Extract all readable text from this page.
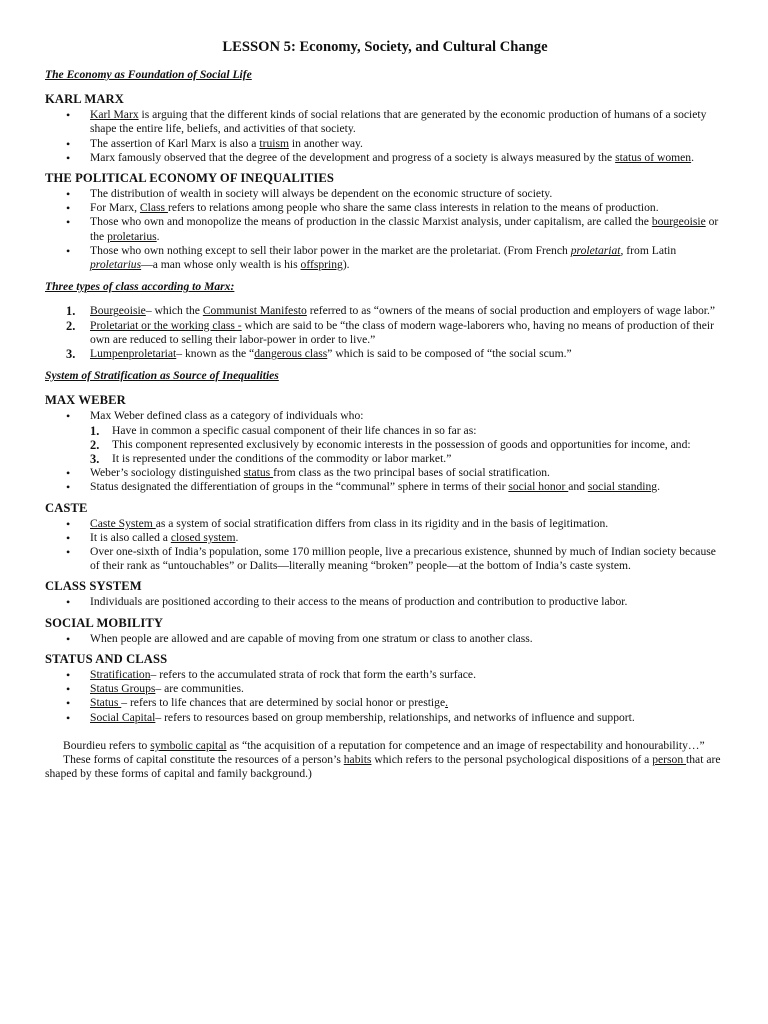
LESSON 5: Economy, Society, and Cultural Change
The Economy as Foundation of Social Life
KARL MARX
• Karl Marx is arguing that the different kinds of social relations that are generated by the economic production of humans of a society shape the entire life, beliefs, and activities of that society.
• The assertion of Karl Marx is also a truism in another way.
• Marx famously observed that the degree of the development and progress of a society is always measured by the status of women.
THE POLITICAL ECONOMY OF INEQUALITIES
• The distribution of wealth in society will always be dependent on the economic structure of society.
• For Marx, Class refers to relations among people who share the same class interests in relation to the means of production.
• Those who own and monopolize the means of production in the classic Marxist analysis, under capitalism, are called the bourgeoisie or the proletarius.
• Those who own nothing except to sell their labor power in the market are the proletariat. (From French proletariat, from Latin proletarius—a man whose only wealth is his offspring).
Three types of class according to Marx:
1. Bourgeoisie– which the Communist Manifesto referred to as “owners of the means of social production and employers of wage labor.”
2. Proletariat or the working class - which are said to be “the class of modern wage-laborers who, having no means of production of their own are reduced to selling their labor-power in order to live.”
3. Lumpenproletariat– known as the “dangerous class” which is said to be composed of “the social scum.”
System of Stratification as Source of Inequalities
MAX WEBER
• Max Weber defined class as a category of individuals who:
1. Have in common a specific casual component of their life chances in so far as:
2. This component represented exclusively by economic interests in the possession of goods and opportunities for income, and:
3. It is represented under the conditions of the commodity or labor market.”
• Weber’s sociology distinguished status from class as the two principal bases of social stratification.
• Status designated the differentiation of groups in the “communal” sphere in terms of their social honor and social standing.
CASTE
• Caste System as a system of social stratification differs from class in its rigidity and in the basis of legitimation.
• It is also called a closed system.
• Over one-sixth of India’s population, some 170 million people, live a precarious existence, shunned by much of Indian society because of their rank as “untouchables” or Dalits—literally meaning “broken” people—at the bottom of India’s caste system.
CLASS SYSTEM
• Individuals are positioned according to their access to the means of production and contribution to productive labor.
SOCIAL MOBILITY
• When people are allowed and are capable of moving from one stratum or class to another class.
STATUS AND CLASS
• Stratification– refers to the accumulated strata of rock that form the earth’s surface.
• Status Groups– are communities.
• Status – refers to life chances that are determined by social honor or prestige.
• Social Capital– refers to resources based on group membership, relationships, and networks of influence and support.

Bourdieu refers to symbolic capital as “the acquisition of a reputation for competence and an image of respectability and honourability…”

These forms of capital constitute the resources of a person’s habits which refers to the personal psychological dispositions of a person that are shaped by these forms of capital and family background.)
